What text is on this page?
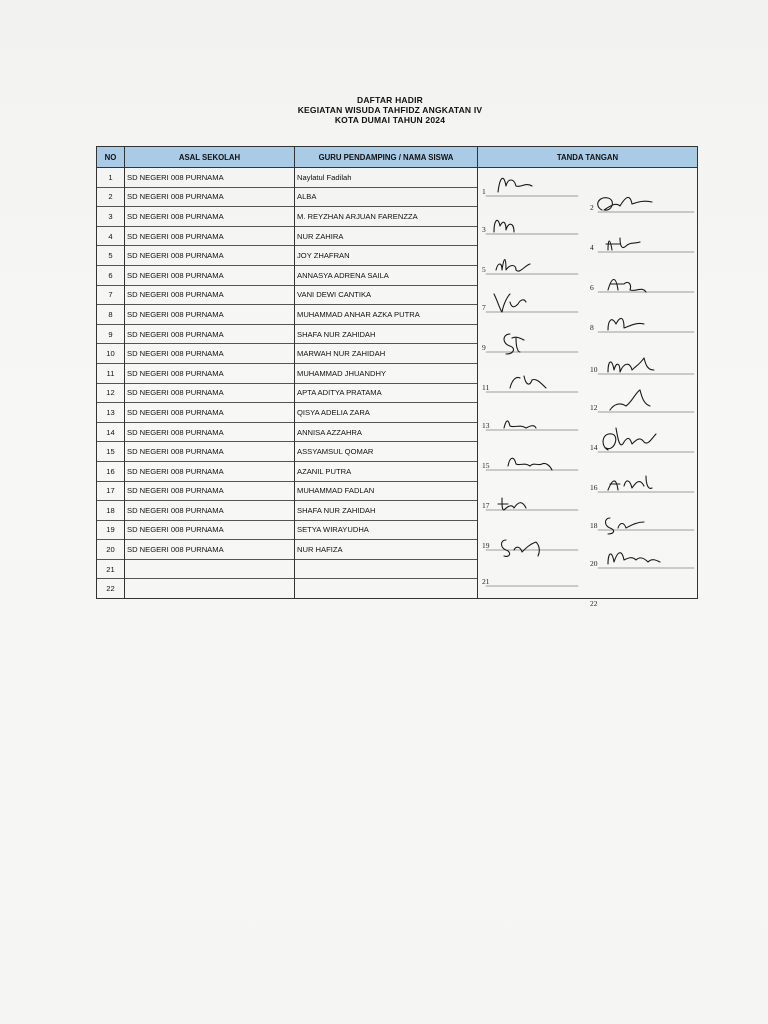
DAFTAR HADIR
KEGIATAN WISUDA TAHFIDZ ANGKATAN IV
KOTA DUMAI TAHUN 2024
NO	ASAL SEKOLAH	GURU PENDAMPING / NAMA SISWA	TANDA TANGAN
1	SD NEGERI 008 PURNAMA	Naylatul Fadilah	
2	SD NEGERI 008 PURNAMA	ALBA	
3	SD NEGERI 008 PURNAMA	M. REYZHAN ARJUAN FARENZZA	
4	SD NEGERI 008 PURNAMA	NUR ZAHIRA	
5	SD NEGERI 008 PURNAMA	JOY ZHAFRAN	
6	SD NEGERI 008 PURNAMA	ANNASYA ADRENA SAILA	
7	SD NEGERI 008 PURNAMA	VANI DEWI CANTIKA	
8	SD NEGERI 008 PURNAMA	MUHAMMAD ANHAR AZKA PUTRA	
9	SD NEGERI 008 PURNAMA	SHAFA NUR ZAHIDAH	
10	SD NEGERI 008 PURNAMA	MARWAH NUR ZAHIDAH	
11	SD NEGERI 008 PURNAMA	MUHAMMAD JHUANDHY	
12	SD NEGERI 008 PURNAMA	APTA ADITYA PRATAMA	
13	SD NEGERI 008 PURNAMA	QISYA ADELIA ZARA	
14	SD NEGERI 008 PURNAMA	ANNISA AZZAHRA	
15	SD NEGERI 008 PURNAMA	ASSYAMSUL QOMAR	
16	SD NEGERI 008 PURNAMA	AZANIL PUTRA	
17	SD NEGERI 008 PURNAMA	MUHAMMAD FADLAN	
18	SD NEGERI 008 PURNAMA	SHAFA NUR ZAHIDAH	
19	SD NEGERI 008 PURNAMA	SETYA WIRAYUDHA	
20	SD NEGERI 008 PURNAMA	NUR HAFIZA	
21			
22			
1
2
3
4
5
6
7
8
9
10
11
12
13
14
15
16
17
18
19
20
21
22
